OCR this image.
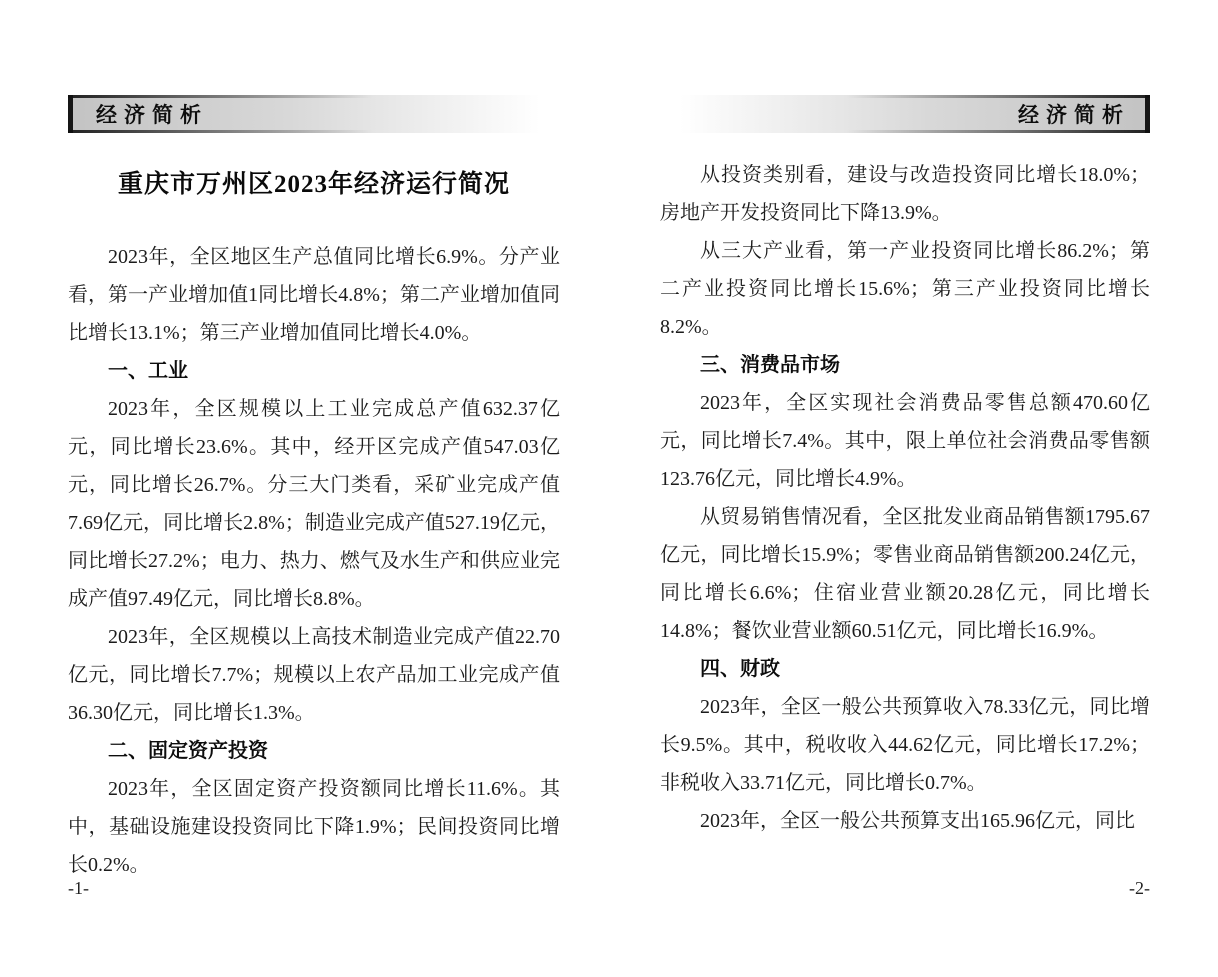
经济简析
重庆市万州区2023年经济运行简况

2023年，全区地区生产总值同比增长6.9%。分产业看，第一产业增加值1同比增长4.8%；第二产业增加值同比增长13.1%；第三产业增加值同比增长4.0%。

一、工业

2023年，全区规模以上工业完成总产值632.37亿元，同比增长23.6%。其中，经开区完成产值547.03亿元，同比增长26.7%。分三大门类看，采矿业完成产值7.69亿元，同比增长2.8%；制造业完成产值527.19亿元，同比增长27.2%；电力、热力、燃气及水生产和供应业完成产值97.49亿元，同比增长8.8%。

2023年，全区规模以上高技术制造业完成产值22.70亿元，同比增长7.7%；规模以上农产品加工业完成产值36.30亿元，同比增长1.3%。

二、固定资产投资

2023年，全区固定资产投资额同比增长11.6%。其中，基础设施建设投资同比下降1.9%；民间投资同比增长0.2%。

经济简析

从投资类别看，建设与改造投资同比增长18.0%；房地产开发投资同比下降13.9%。

从三大产业看，第一产业投资同比增长86.2%；第二产业投资同比增长15.6%；第三产业投资同比增长8.2%。

三、消费品市场

2023年，全区实现社会消费品零售总额470.60亿元，同比增长7.4%。其中，限上单位社会消费品零售额123.76亿元，同比增长4.9%。

从贸易销售情况看，全区批发业商品销售额1795.67亿元，同比增长15.9%；零售业商品销售额200.24亿元，同比增长6.6%；住宿业营业额20.28亿元，同比增长14.8%；餐饮业营业额60.51亿元，同比增长16.9%。

四、财政

2023年，全区一般公共预算收入78.33亿元，同比增长9.5%。其中，税收收入44.62亿元，同比增长17.2%；非税收入33.71亿元，同比增长0.7%。

2023年，全区一般公共预算支出165.96亿元，同比

-1-	-2-
